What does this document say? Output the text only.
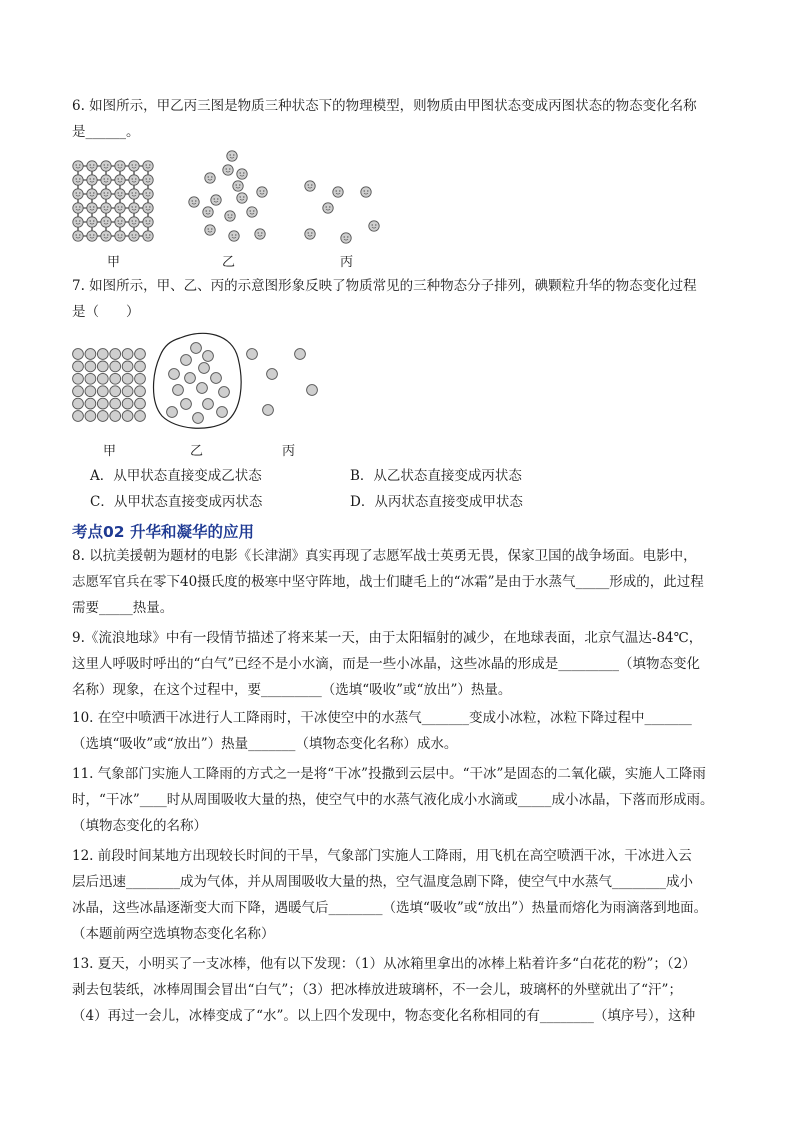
6. 如图所示，甲乙丙三图是物质三种状态下的物理模型，则物质由甲图状态变成丙图状态的物态变化名称
是______。
甲	乙	丙
7. 如图所示，甲、乙、丙的示意图形象反映了物质常见的三种物态分子排列，碘颗粒升华的物态变化过程
是（　　）
甲	乙	丙
A．从甲状态直接变成乙状态	B．从乙状态直接变成丙状态
C．从甲状态直接变成丙状态	D．从丙状态直接变成甲状态
考点02 升华和凝华的应用
8. 以抗美援朝为题材的电影《长津湖》真实再现了志愿军战士英勇无畏，保家卫国的战争场面。电影中，
志愿军官兵在零下40摄氏度的极寒中坚守阵地，战士们睫毛上的“冰霜”是由于水蒸气_____形成的，此过程
需要_____热量。
9.《流浪地球》中有一段情节描述了将来某一天，由于太阳辐射的减少，在地球表面，北京气温达-84℃，
这里人呼吸时呼出的“白气”已经不是小水滴，而是一些小冰晶，这些冰晶的形成是_________（填物态变化
名称）现象，在这个过程中，要_________（选填“吸收”或“放出”）热量。
10. 在空中喷洒干冰进行人工降雨时，干冰使空中的水蒸气_______变成小冰粒，冰粒下降过程中_______
（选填“吸收”或“放出”）热量_______（填物态变化名称）成水。
11. 气象部门实施人工降雨的方式之一是将“干冰”投撒到云层中。“干冰”是固态的二氧化碳，实施人工降雨
时，“干冰”____时从周围吸收大量的热，使空气中的水蒸气液化成小水滴或_____成小冰晶，下落而形成雨。
（填物态变化的名称）
12. 前段时间某地方出现较长时间的干旱，气象部门实施人工降雨，用飞机在高空喷洒干冰，干冰进入云
层后迅速________成为气体，并从周围吸收大量的热，空气温度急剧下降，使空气中水蒸气________成小
冰晶，这些冰晶逐渐变大而下降，遇暖气后________（选填“吸收”或“放出”）热量而熔化为雨滴落到地面。
（本题前两空选填物态变化名称）
13. 夏天，小明买了一支冰棒，他有以下发现：（1）从冰箱里拿出的冰棒上粘着许多“白花花的粉”；（2）
剥去包装纸，冰棒周围会冒出“白气”；（3）把冰棒放进玻璃杯，不一会儿，玻璃杯的外壁就出了“汗”；
（4）再过一会儿，冰棒变成了“水”。以上四个发现中，物态变化名称相同的有________（填序号），这种
